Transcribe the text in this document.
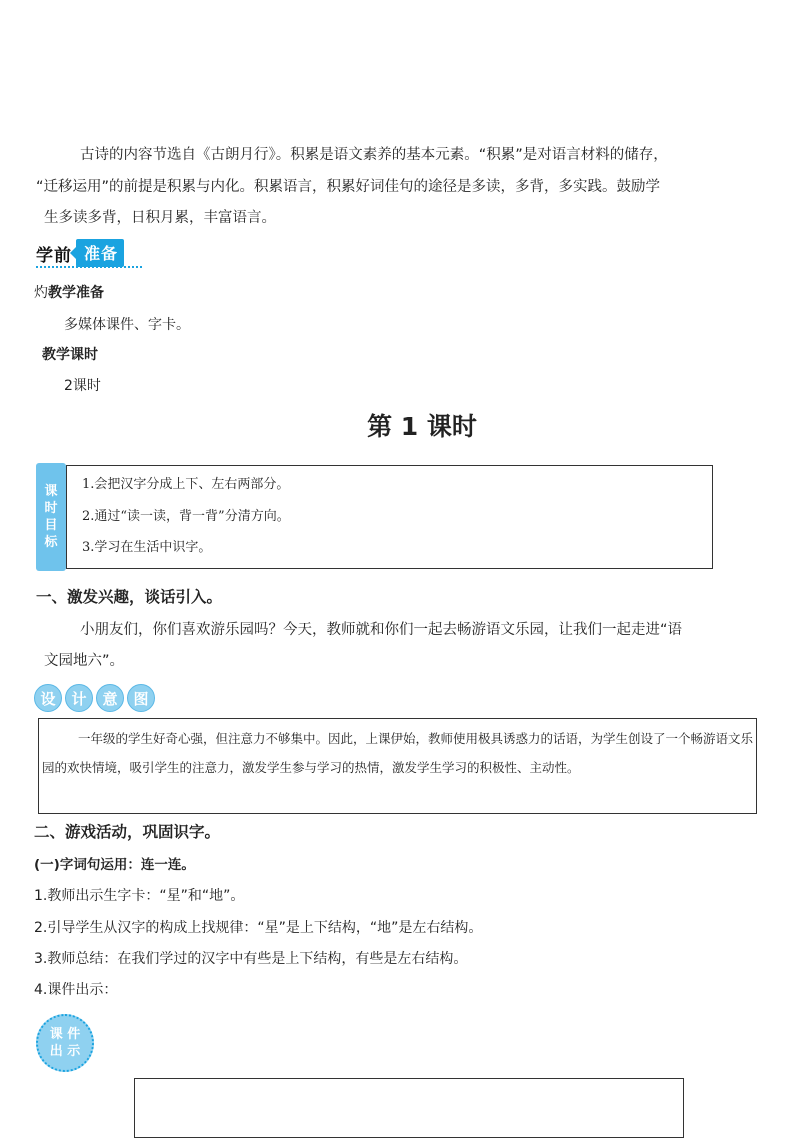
古诗的内容节选自《古朗月行》。积累是语文素养的基本元素。“积累”是对语言材料的储存，
“迁移运用”的前提是积累与内化。积累语言，积累好词佳句的途径是多读，多背，多实践。鼓励学
生多读多背，日积月累，丰富语言。
学前 准备
灼教学准备
多媒体课件、字卡。
教学课时
2课时
第 1 课时
课
时
目
标
1.会把汉字分成上下、左右两部分。
2.通过“读一读，背一背”分清方向。
3.学习在生活中识字。
一、激发兴趣，谈话引入。
小朋友们，你们喜欢游乐园吗？今天，教师就和你们一起去畅游语文乐园，让我们一起走进“语
文园地六”。
设	计	意	图
一年级的学生好奇心强，但注意力不够集中。因此，上课伊始，教师使用极具诱惑力的话语，为学生创设了一个畅游语文乐园的欢快情境，吸引学生的注意力，激发学生参与学习的热情，激发学生学习的积极性、主动性。
二、游戏活动，巩固识字。
(一)字词句运用：连一连。
1.教师出示生字卡：“星”和“地”。
2.引导学生从汉字的构成上找规律：“星”是上下结构，“地”是左右结构。
3.教师总结：在我们学过的汉字中有些是上下结构，有些是左右结构。
4.课件出示：
课 件
出 示
